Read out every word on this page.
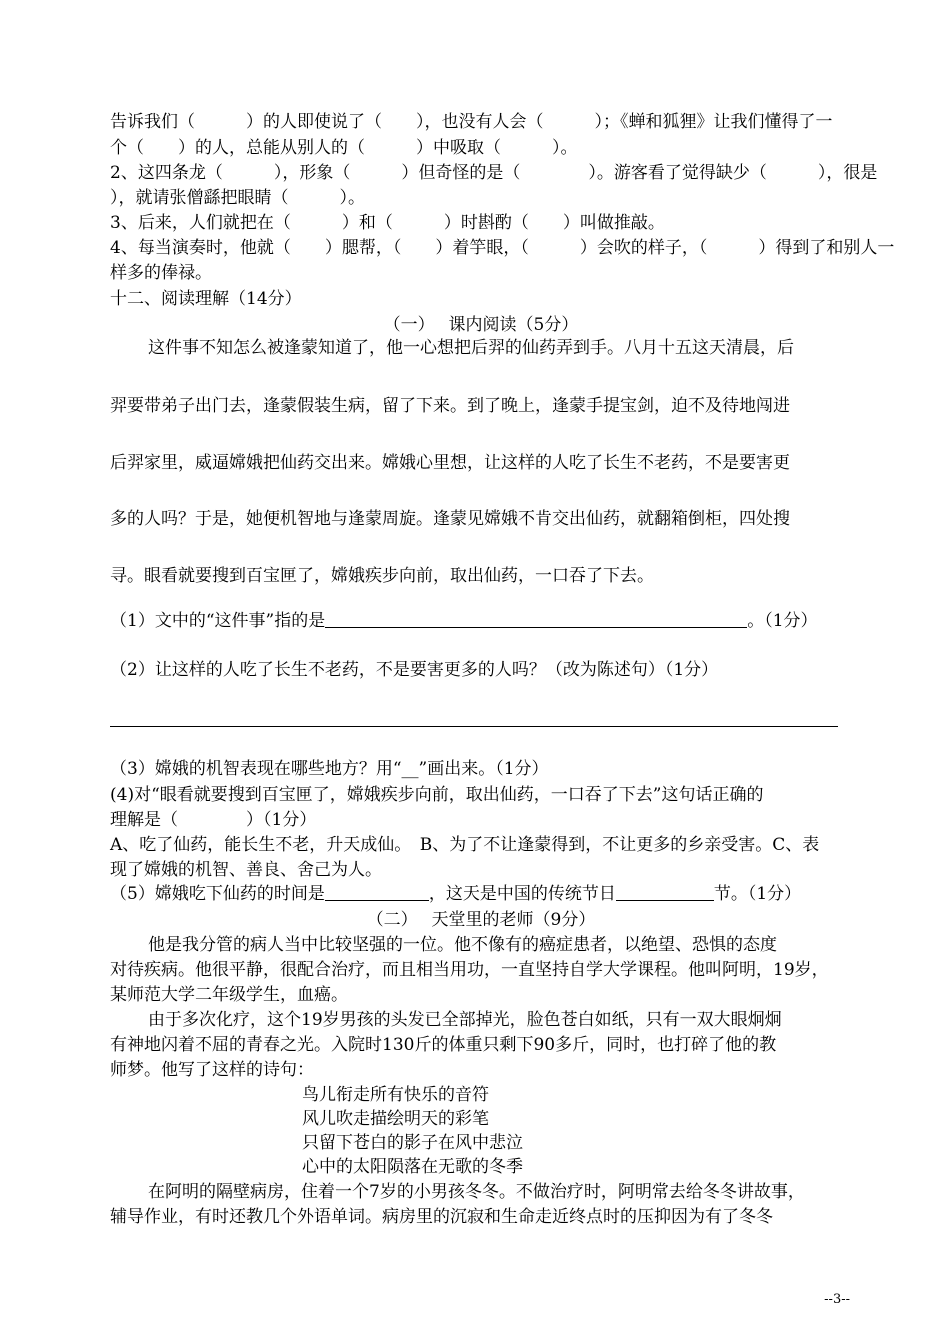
告诉我们（　　　）的人即使说了（　　），也没有人会（　　　）；《蝉和狐狸》让我们懂得了一
个（　　）的人，总能从别人的（　　　）中吸取（　　　）。
2、这四条龙（　　　），形象（　　　）但奇怪的是（　　　　）。游客看了觉得缺少（　　　），很是
），就请张僧繇把眼睛（　　　）。
3、后来，人们就把在（　　　）和（　　　）时斟酌（　　）叫做推敲。
4、每当演奏时，他就（　　）腮帮，（　　）着竽眼，（　　　）会吹的样子，（　　　）得到了和别人一
样多的俸禄。
十二、阅读理解（14分）
（一）　 课内阅读（5分）
这件事不知怎么被逢蒙知道了，他一心想把后羿的仙药弄到手。八月十五这天清晨，后
羿要带弟子出门去，逢蒙假装生病，留了下来。到了晚上，逢蒙手提宝剑，迫不及待地闯进
后羿家里，威逼嫦娥把仙药交出来。嫦娥心里想，让这样的人吃了长生不老药，不是要害更
多的人吗？于是，她便机智地与逢蒙周旋。逢蒙见嫦娥不肯交出仙药，就翻箱倒柜，四处搜
寻。眼看就要搜到百宝匣了，嫦娥疾步向前，取出仙药，一口吞了下去。
（1）文中的“这件事”指的是	。（1分）
（2）让这样的人吃了长生不老药，不是要害更多的人吗？（改为陈述句）（1分）
（3）嫦娥的机智表现在哪些地方？用“__”画出来。（1分）
(4)对“眼看就要搜到百宝匣了，嫦娥疾步向前，取出仙药，一口吞了下去”这句话正确的
理解是（　　　　）（1分）
A、吃了仙药，能长生不老，升天成仙。　B、为了不让逢蒙得到，不让更多的乡亲受害。C、表
现了嫦娥的机智、善良、舍己为人。
（5）嫦娥吃下仙药的时间是	，这天是中国的传统节日	节。（1分）
（二）　 天堂里的老师（9分）
他是我分管的病人当中比较坚强的一位。他不像有的癌症患者，以绝望、恐惧的态度
对待疾病。他很平静，很配合治疗，而且相当用功，一直坚持自学大学课程。他叫阿明，19岁，
某师范大学二年级学生，血癌。
由于多次化疗，这个19岁男孩的头发已全部掉光，脸色苍白如纸，只有一双大眼炯炯
有神地闪着不屈的青春之光。入院时130斤的体重只剩下90多斤，同时，也打碎了他的教
师梦。他写了这样的诗句：
鸟儿衔走所有快乐的音符
风儿吹走描绘明天的彩笔
只留下苍白的影子在风中悲泣
心中的太阳陨落在无歌的冬季
在阿明的隔壁病房，住着一个7岁的小男孩冬冬。不做治疗时，阿明常去给冬冬讲故事，
辅导作业，有时还教几个外语单词。病房里的沉寂和生命走近终点时的压抑因为有了冬冬
--3--
